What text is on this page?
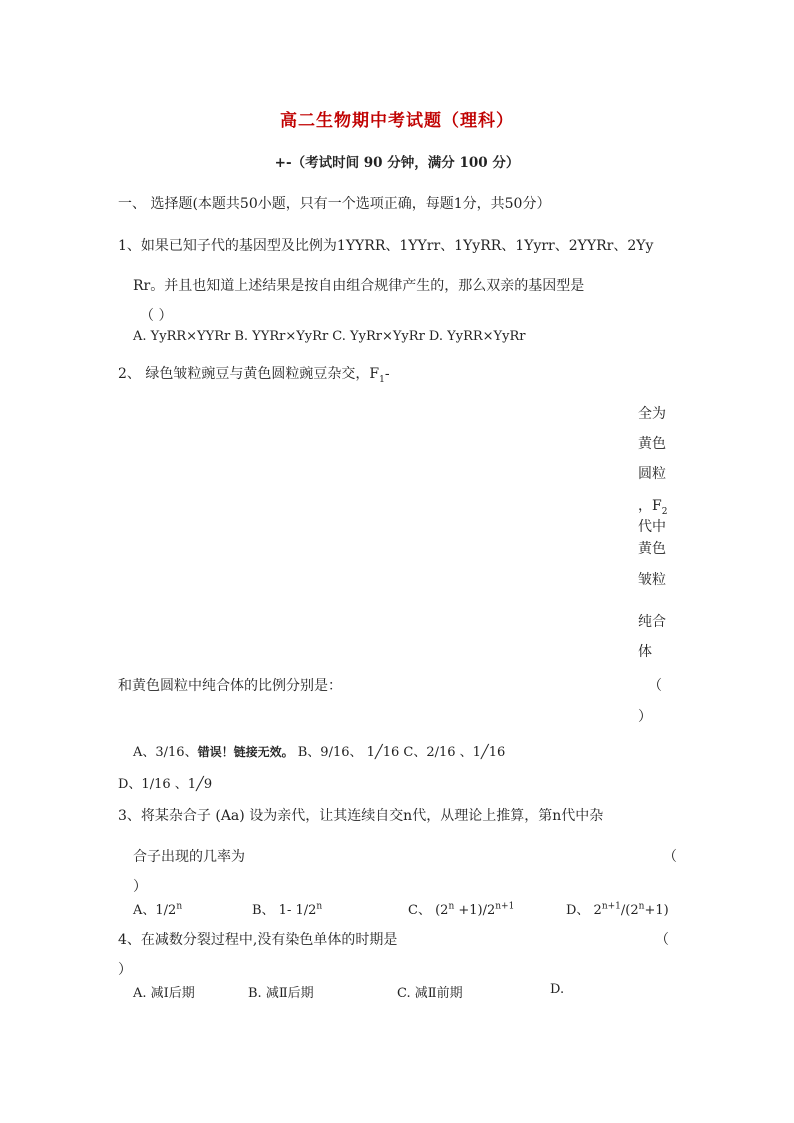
高二生物期中考试题（理科）
+-（考试时间 90 分钟，满分 100 分）
一、 选择题(本题共50小题，只有一个选项正确，每题1分，共50分）
1、如果已知子代的基因型及比例为1YYRR、1YYrr、1YyRR、1Yyrr、2YYRr、2Yy
Rr。并且也知道上述结果是按自由组合规律产生的，那么双亲的基因型是
（ ）
A. YyRR×YYRr B. YYRr×YyRr C. YyRr×YyRr D. YyRR×YyRr
2、 绿色皱粒豌豆与黄色圆粒豌豆杂交，$F_1-$
全为
黄色
圆粒
，$F_2$
代中
黄色
皱粒
纯合
体
和黄色圆粒中纯合体的比例分别是：	（
）
A、3/16、错误！链接无效。 B、9/16、 1╱16 C、2/16 、1╱16
D、1/16 、1╱9
3、将某杂合子 (Aa) 设为亲代，让其连续自交n代，从理论上推算，第n代中杂
合子出现的几率为	（
）
A、1/2$^n$	B、 1- 1/2$^n$	C、 $(2^n +1)/2^{n+1}$	D、 $2^{n+1}/(2^n+1)$
4、在减数分裂过程中,没有染色单体的时期是	（
）
A. 减Ⅰ后期	B. 减Ⅱ后期	C. 减Ⅱ前期	D.
